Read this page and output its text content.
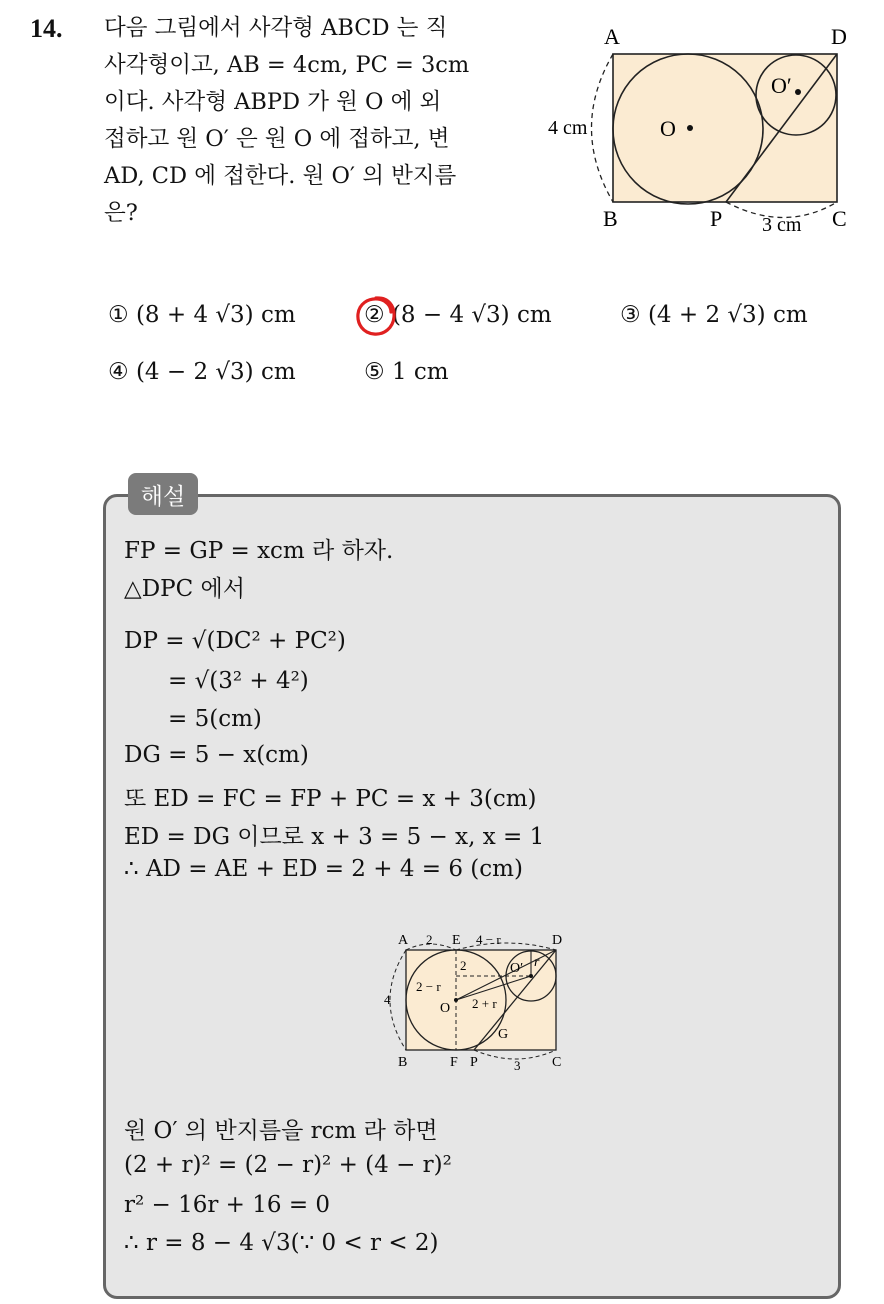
14. 다음 그림에서 사각형 ABCD 는 직
사각형이고, AB = 4cm, PC = 3cm
이다. 사각형 ABPD 가 원 O 에 외
접하고 원 O′ 은 원 O 에 접하고, 변
AD, CD 에 접한다. 원 O′ 의 반지름
은?
A	D
B	P	C
O
O′
4 cm
3 cm
① (8 + 4 √3) cm	② (8 − 4 √3) cm	③ (4 + 2 √3) cm
④ (4 − 2 √3) cm	⑤ 1 cm
해설
FP = GP = xcm 라 하자.
△DPC 에서
DP = √(DC² + PC²)
= √(3² + 4²)
= 5(cm)
DG = 5 − x(cm)
또 ED = FC = FP + PC = x + 3(cm)
ED = DG 이므로 x + 3 = 5 − x, x = 1
∴ AD = AE + ED = 2 + 4 = 6 (cm)
A 2 E 4 − r	D
4
2
2 − r
2 + r
O
O′ r
G
B	F P	3 C
원 O′ 의 반지름을 rcm 라 하면
(2 + r)² = (2 − r)² + (4 − r)²
r² − 16r + 16 = 0
∴ r = 8 − 4 √3(∵ 0 < r < 2)
